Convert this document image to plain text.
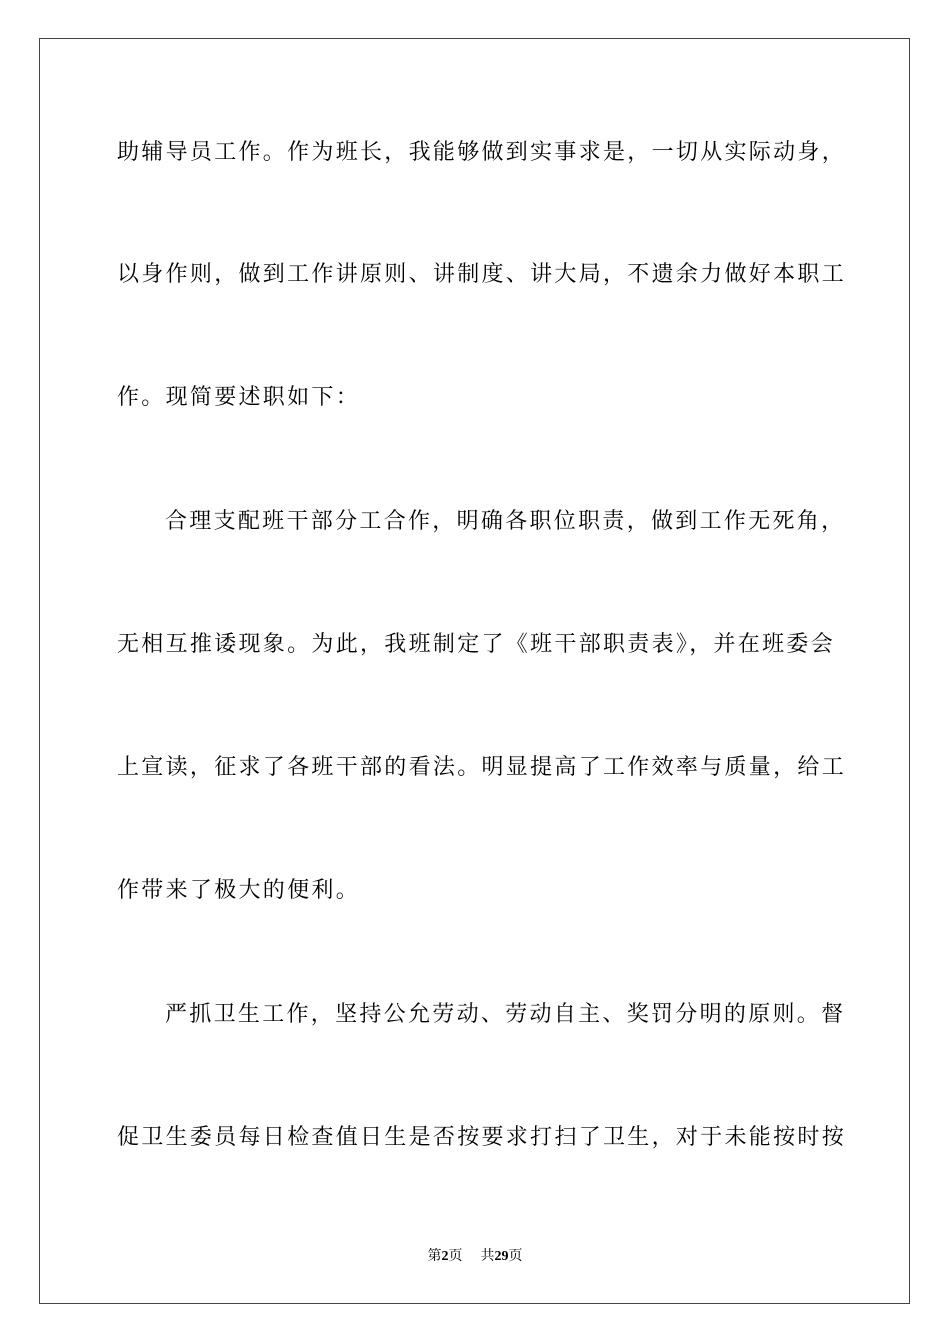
助辅导员工作。作为班长，我能够做到实事求是，一切从实际动身，
以身作则，做到工作讲原则、讲制度、讲大局，不遗余力做好本职工
作。现简要述职如下：
合理支配班干部分工合作，明确各职位职责，做到工作无死角，
无相互推诿现象。为此，我班制定了《班干部职责表》，并在班委会
上宣读，征求了各班干部的看法。明显提高了工作效率与质量，给工
作带来了极大的便利。
严抓卫生工作，坚持公允劳动、劳动自主、奖罚分明的原则。督
促卫生委员每日检查值日生是否按要求打扫了卫生，对于未能按时按
第2页 共29页
